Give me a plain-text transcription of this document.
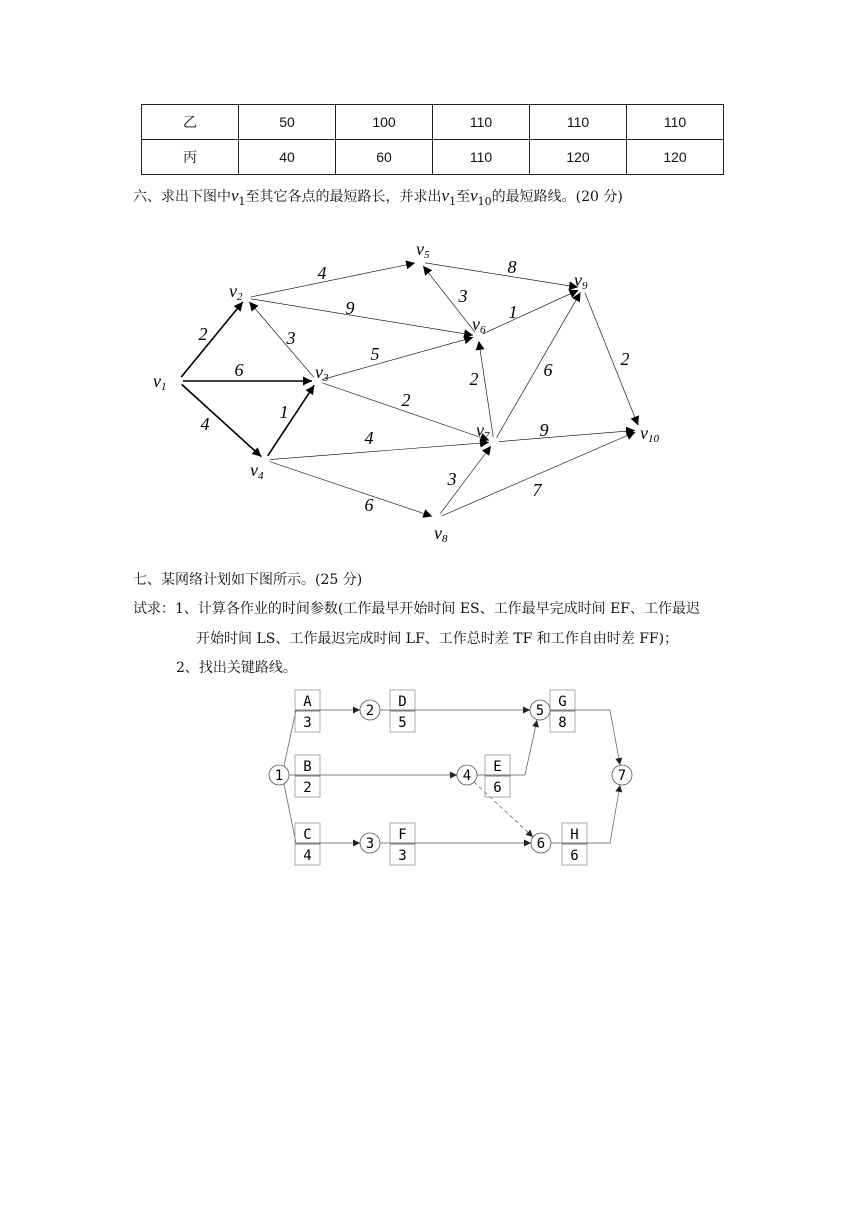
乙	50	100	110	110	110
丙	40	60	110	120	120
六、求出下图中$v_1$至其它各点的最短路长，并求出$v_1$至$v_{10}$的最短路线。(20 分)
2
6
4
3
4
9
1
5
2
4
6
3
8
1
2	6
9
3
7
2
v1
v2
v3
v4
v5
v6
v7
v8
v9
v10
七、某网络计划如下图所示。(25 分)
试求：1、计算各作业的时间参数(工作最早开始时间 ES、工作最早完成时间 EF、工作最迟
开始时间 LS、工作最迟完成时间 LF、工作总时差 TF 和工作自由时差 FF)；
2、找出关键路线。
A
3
B
2
C
4
D
5
E
6
F
3
G
8
H
6
1
2
3
4
5
6
7
